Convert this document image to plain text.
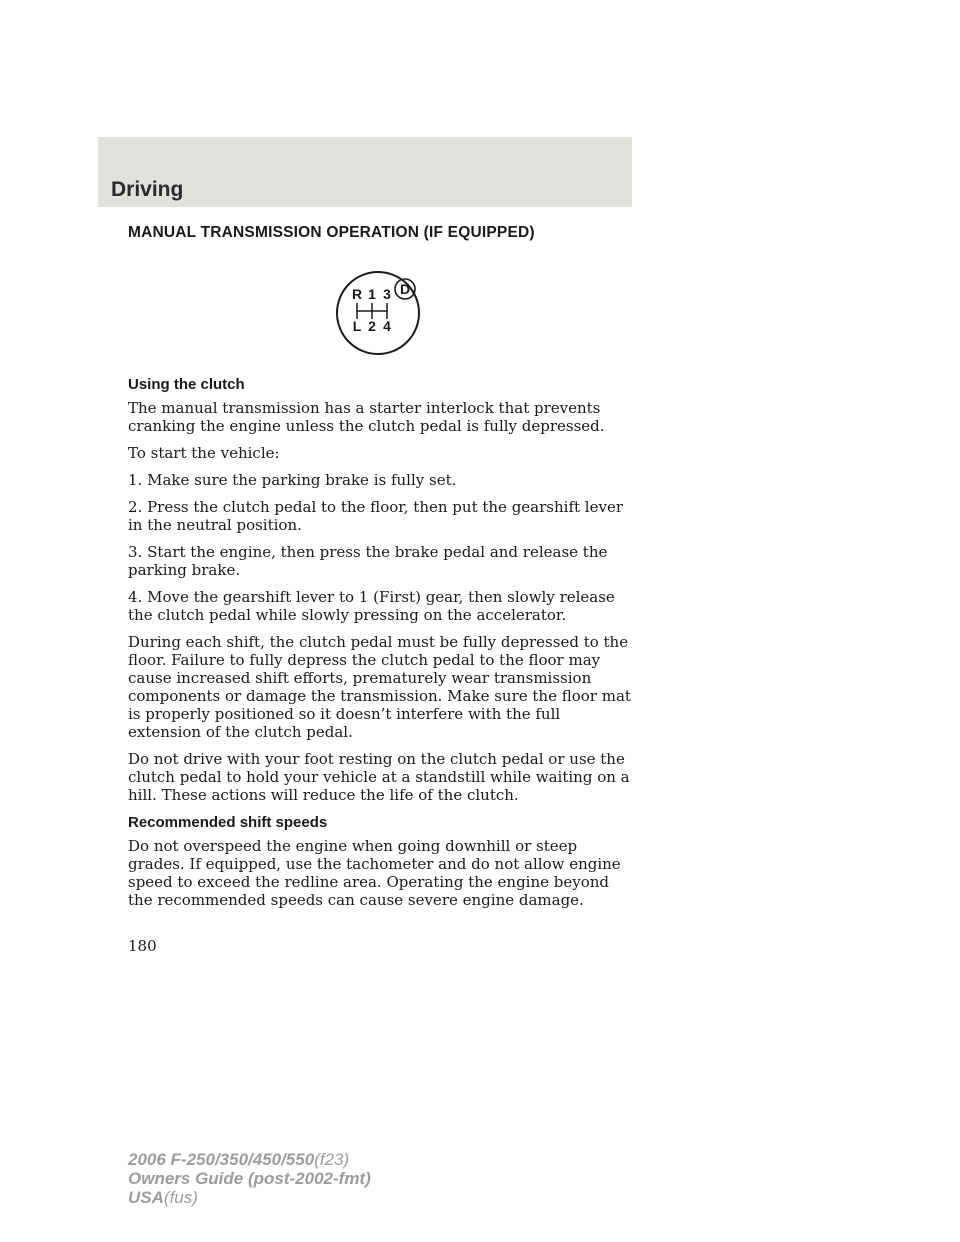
Driving
MANUAL TRANSMISSION OPERATION (IF EQUIPPED)
D
R 1 3
L 2 4
Using the clutch

The manual transmission has a starter interlock that prevents cranking the engine unless the clutch pedal is fully depressed.

To start the vehicle:

1. Make sure the parking brake is fully set.

2. Press the clutch pedal to the floor, then put the gearshift lever in the neutral position.

3. Start the engine, then press the brake pedal and release the parking brake.

4. Move the gearshift lever to 1 (First) gear, then slowly release the clutch pedal while slowly pressing on the accelerator.

During each shift, the clutch pedal must be fully depressed to the floor. Failure to fully depress the clutch pedal to the floor may cause increased shift efforts, prematurely wear transmission components or damage the transmission. Make sure the floor mat is properly positioned so it doesn’t interfere with the full extension of the clutch pedal.

Do not drive with your foot resting on the clutch pedal or use the clutch pedal to hold your vehicle at a standstill while waiting on a hill. These actions will reduce the life of the clutch.

Recommended shift speeds

Do not overspeed the engine when going downhill or steep grades. If equipped, use the tachometer and do not allow engine speed to exceed the redline area. Operating the engine beyond the recommended speeds can cause severe engine damage.

180
2006 F-250/350/450/550(f23)
Owners Guide (post-2002-fmt)
USA(fus)
